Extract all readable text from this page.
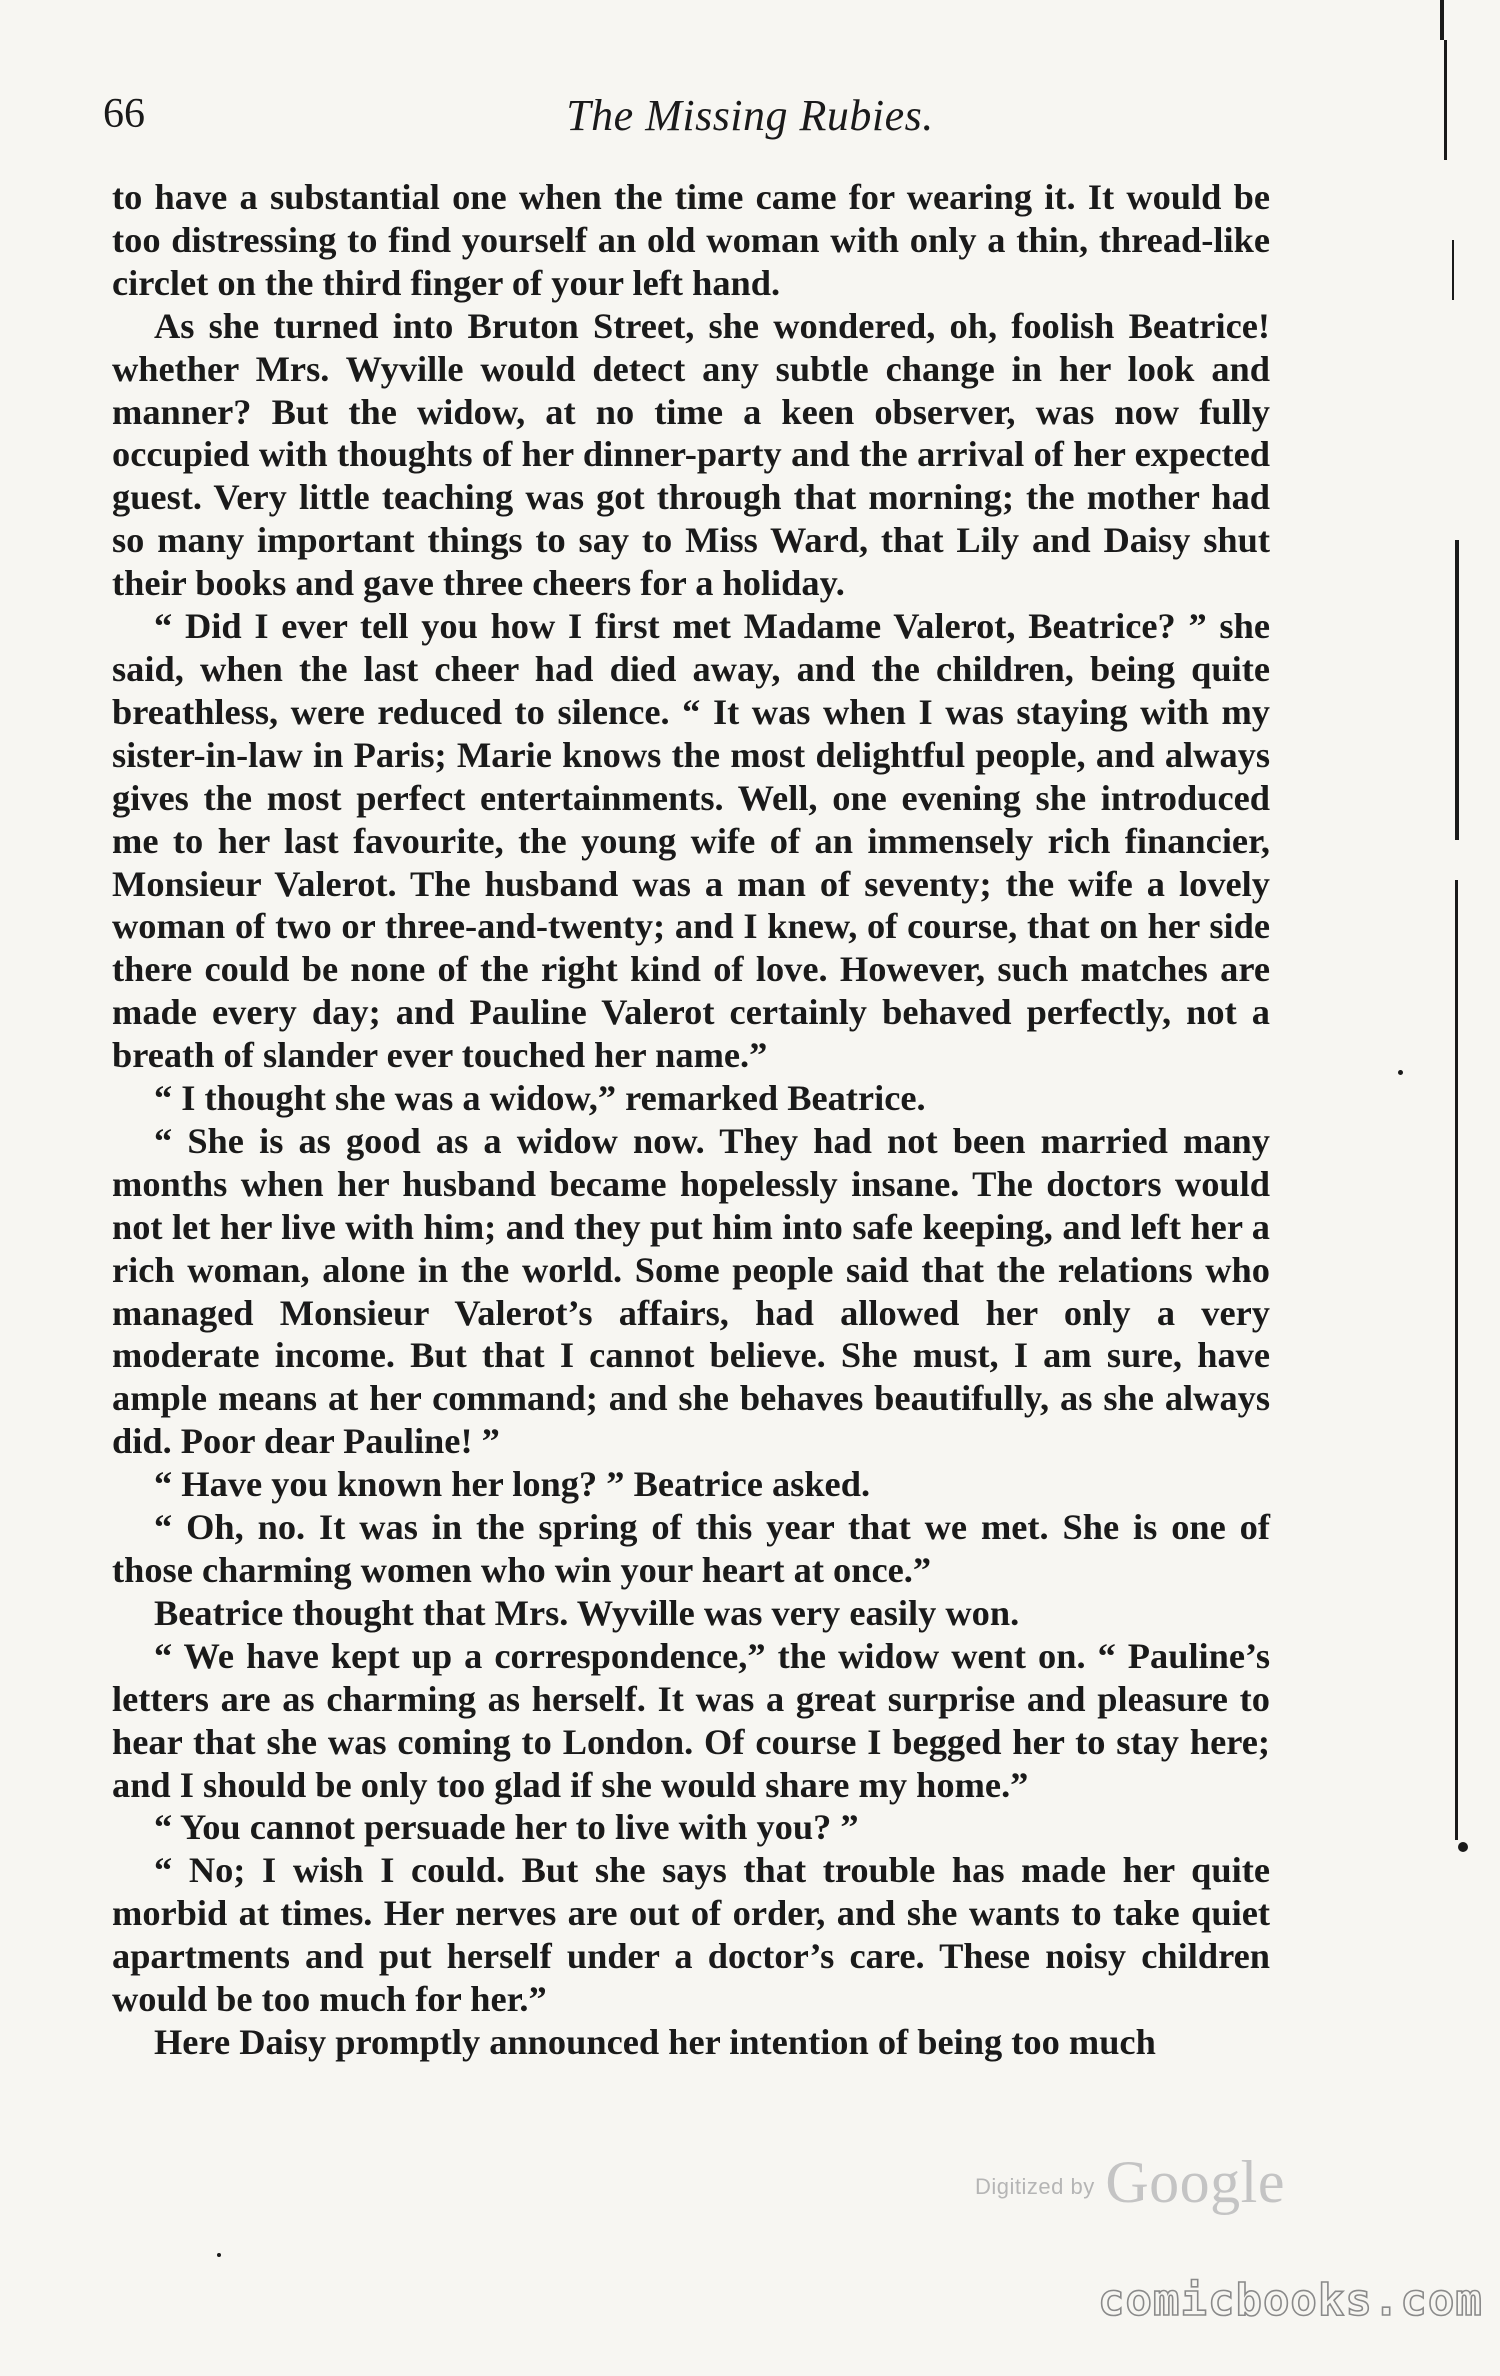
66	The Missing Rubies.

to have a substantial one when the time came for wearing it. It would be too distressing to find yourself an old woman with only a thin, thread-like circlet on the third finger of your left hand.

As she turned into Bruton Street, she wondered, oh, foolish Beatrice! whether Mrs. Wyville would detect any subtle change in her look and manner? But the widow, at no time a keen observer, was now fully occupied with thoughts of her dinner-party and the arrival of her expected guest. Very little teaching was got through that morning; the mother had so many important things to say to Miss Ward, that Lily and Daisy shut their books and gave three cheers for a holiday.

“ Did I ever tell you how I first met Madame Valerot, Beatrice? ” she said, when the last cheer had died away, and the children, being quite breathless, were reduced to silence. “ It was when I was staying with my sister-in-law in Paris; Marie knows the most delightful people, and always gives the most perfect entertainments. Well, one evening she introduced me to her last favourite, the young wife of an immensely rich financier, Monsieur Valerot. The husband was a man of seventy; the wife a lovely woman of two or three-and-twenty; and I knew, of course, that on her side there could be none of the right kind of love. However, such matches are made every day; and Pauline Valerot certainly behaved perfectly, not a breath of slander ever touched her name.”

“ I thought she was a widow,” remarked Beatrice.

“ She is as good as a widow now. They had not been married many months when her husband became hopelessly insane. The doctors would not let her live with him; and they put him into safe keeping, and left her a rich woman, alone in the world. Some people said that the relations who managed Monsieur Valerot’s affairs, had allowed her only a very moderate income. But that I cannot believe. She must, I am sure, have ample means at her command; and she behaves beautifully, as she always did. Poor dear Pauline! ”

“ Have you known her long? ” Beatrice asked.

“ Oh, no. It was in the spring of this year that we met. She is one of those charming women who win your heart at once.”

Beatrice thought that Mrs. Wyville was very easily won.

“ We have kept up a correspondence,” the widow went on. “ Pauline’s letters are as charming as herself. It was a great surprise and pleasure to hear that she was coming to London. Of course I begged her to stay here; and I should be only too glad if she would share my home.”

“ You cannot persuade her to live with you? ”

“ No; I wish I could. But she says that trouble has made her quite morbid at times. Her nerves are out of order, and she wants to take quiet apartments and put herself under a doctor’s care. These noisy children would be too much for her.”

Here Daisy promptly announced her intention of being too much

Digitized by Google
comicbooks.com
